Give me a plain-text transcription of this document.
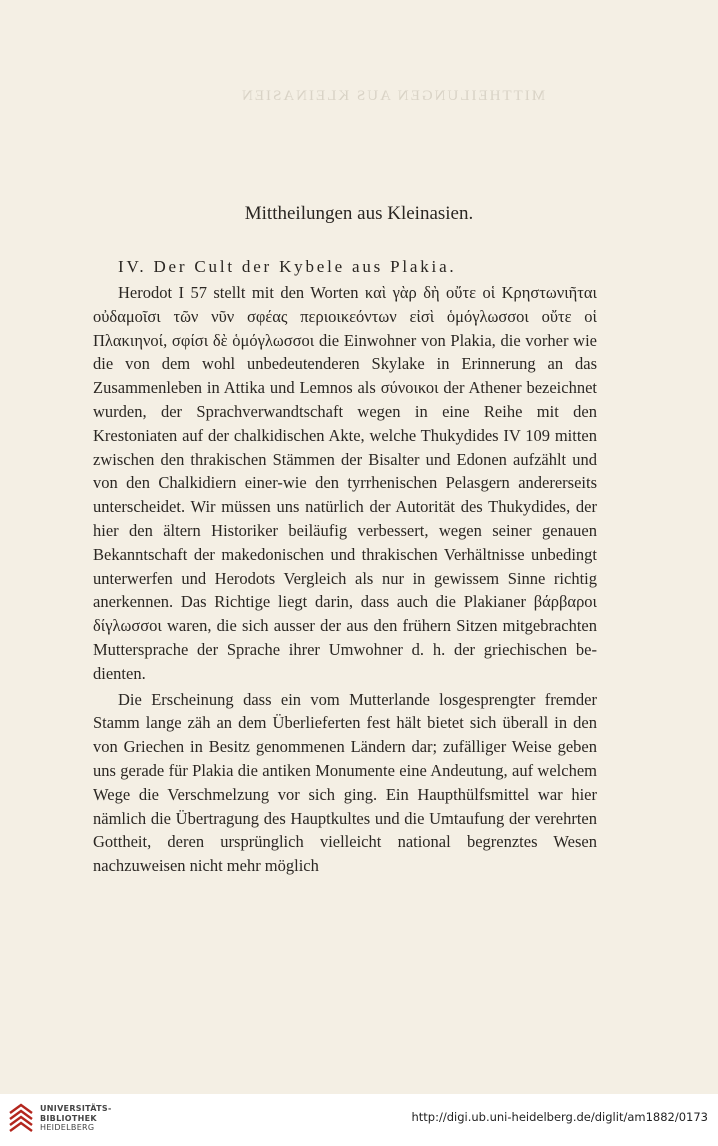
MITTHEILUNGEN AUS KLEINASIEN
Mittheilungen aus Kleinasien.
IV. Der Cult der Kybele aus Plakia.

Herodot I 57 stellt mit den Worten καὶ γὰρ δὴ οὔτε οἱ Κρηστωνιῆται οὐδαμοῖσι τῶν νῦν σφέας περιοικεόντων εἰσὶ ὁμόγλωσσοι οὔτε οἱ Πλακιηνοί, σφίσι δὲ ὁμόγλωσσοι die Einwohner von Plakia, die vorher wie die von dem wohl unbedeutenderen Skylake in Erinnerung an das Zusammenleben in Attika und Lemnos als σύνοικοι der Athener bezeichnet wurden, der Sprachverwandtschaft wegen in eine Reihe mit den Krestoniaten auf der chalkidischen Akte, welche Thukydides IV 109 mitten zwischen den thrakischen Stämmen der Bisalter und Edonen aufzählt und von den Chalkidiern einer-wie den tyrrhenischen Pelasgern andererseits unterscheidet. Wir müssen uns natürlich der Autorität des Thukydides, der hier den ältern Historiker beiläufig verbessert, wegen seiner genauen Bekanntschaft der makedonischen und thrakischen Verhältnisse unbedingt unterwerfen und Herodots Vergleich als nur in gewissem Sinne richtig anerkennen. Das Richtige liegt darin, dass auch die Plakianer βάρβαροι δίγλωσσοι waren, die sich ausser der aus den frühern Sitzen mitgebrachten Muttersprache der Sprache ihrer Umwohner d. h. der griechischen bedienten.

Die Erscheinung dass ein vom Mutterlande losgesprengter fremder Stamm lange zäh an dem Überlieferten fest hält bietet sich überall in den von Griechen in Besitz genommenen Ländern dar; zufälliger Weise geben uns gerade für Plakia die antiken Monumente eine Andeutung, auf welchem Wege die Verschmelzung vor sich ging. Ein Haupthülfsmittel war hier nämlich die Übertragung des Hauptkultes und die Umtaufung der verehrten Gottheit, deren ursprünglich vielleicht national begrenztes Wesen nachzuweisen nicht mehr möglich

UNIVERSITÄTS-
BIBLIOTHEK
HEIDELBERG
http://digi.ub.uni-heidelberg.de/diglit/am1882/0173
